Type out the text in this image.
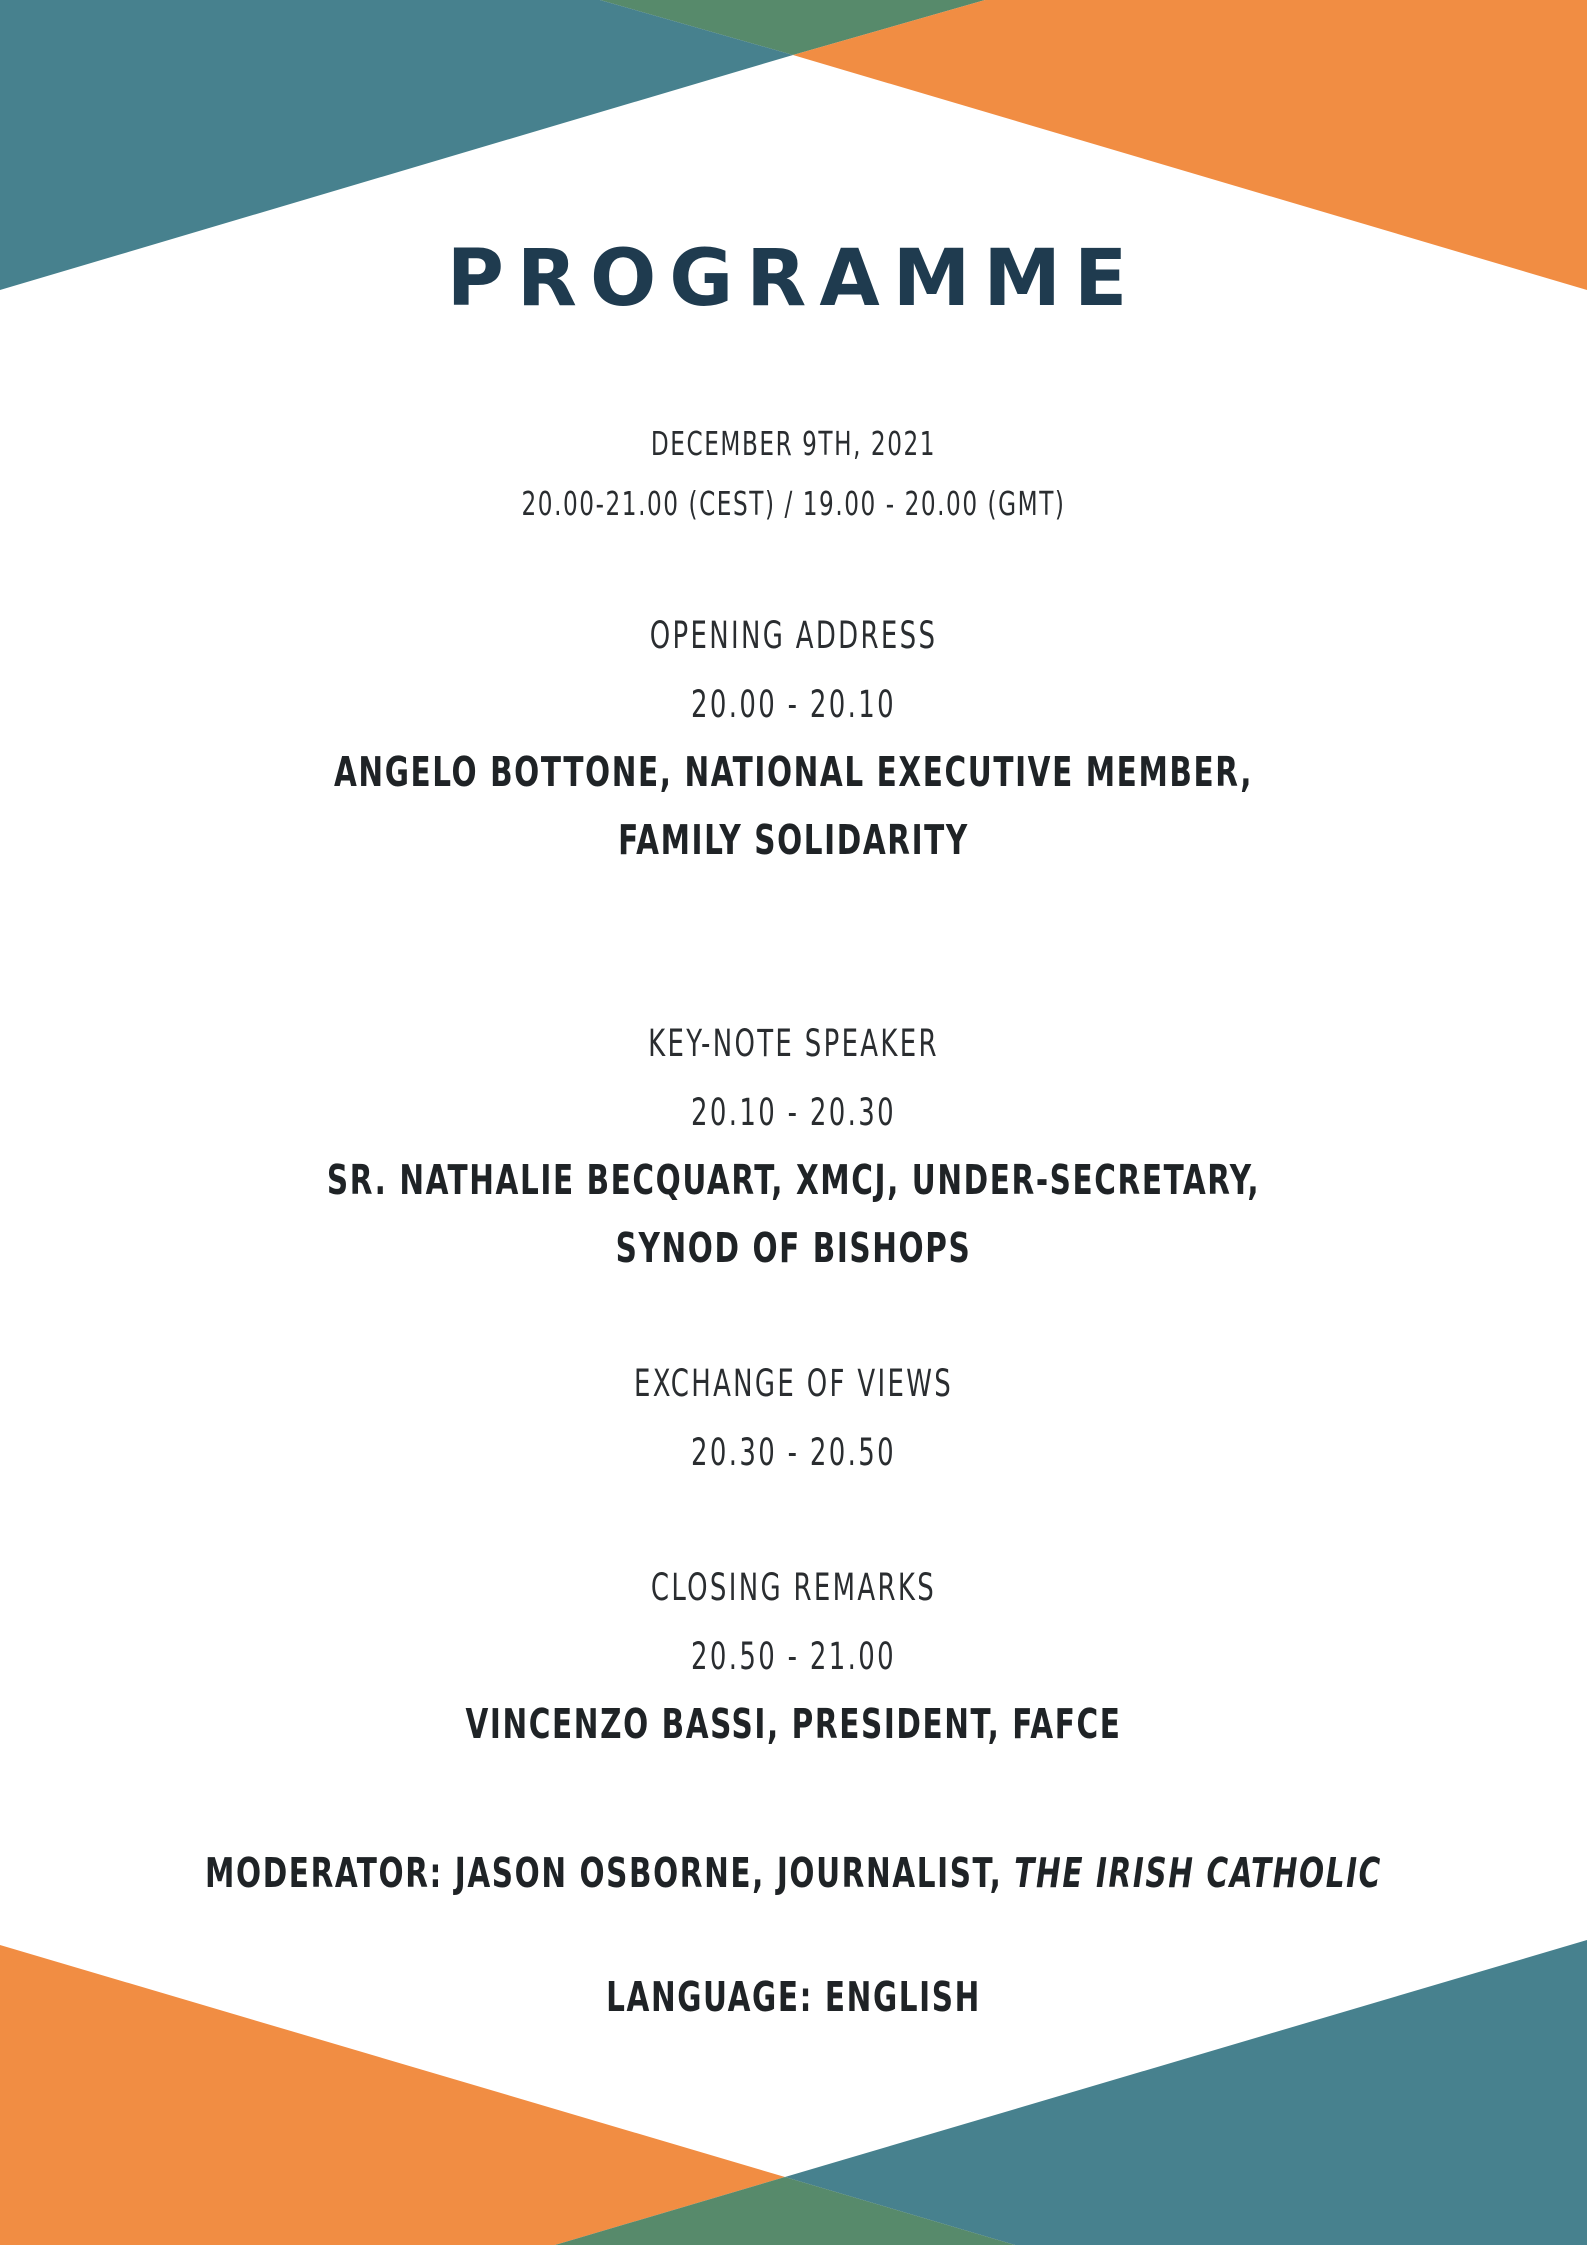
PROGRAMME
DECEMBER 9TH, 2021
20.00-21.00 (CEST) / 19.00 - 20.00 (GMT)
OPENING ADDRESS
20.00 - 20.10
ANGELO BOTTONE, NATIONAL EXECUTIVE MEMBER,
FAMILY SOLIDARITY
KEY-NOTE SPEAKER
20.10 - 20.30
SR. NATHALIE BECQUART, XMCJ, UNDER-SECRETARY,
SYNOD OF BISHOPS
EXCHANGE OF VIEWS
20.30 - 20.50
CLOSING REMARKS
20.50 - 21.00
VINCENZO BASSI, PRESIDENT, FAFCE
MODERATOR: JASON OSBORNE, JOURNALIST, THE IRISH CATHOLIC
LANGUAGE: ENGLISH
